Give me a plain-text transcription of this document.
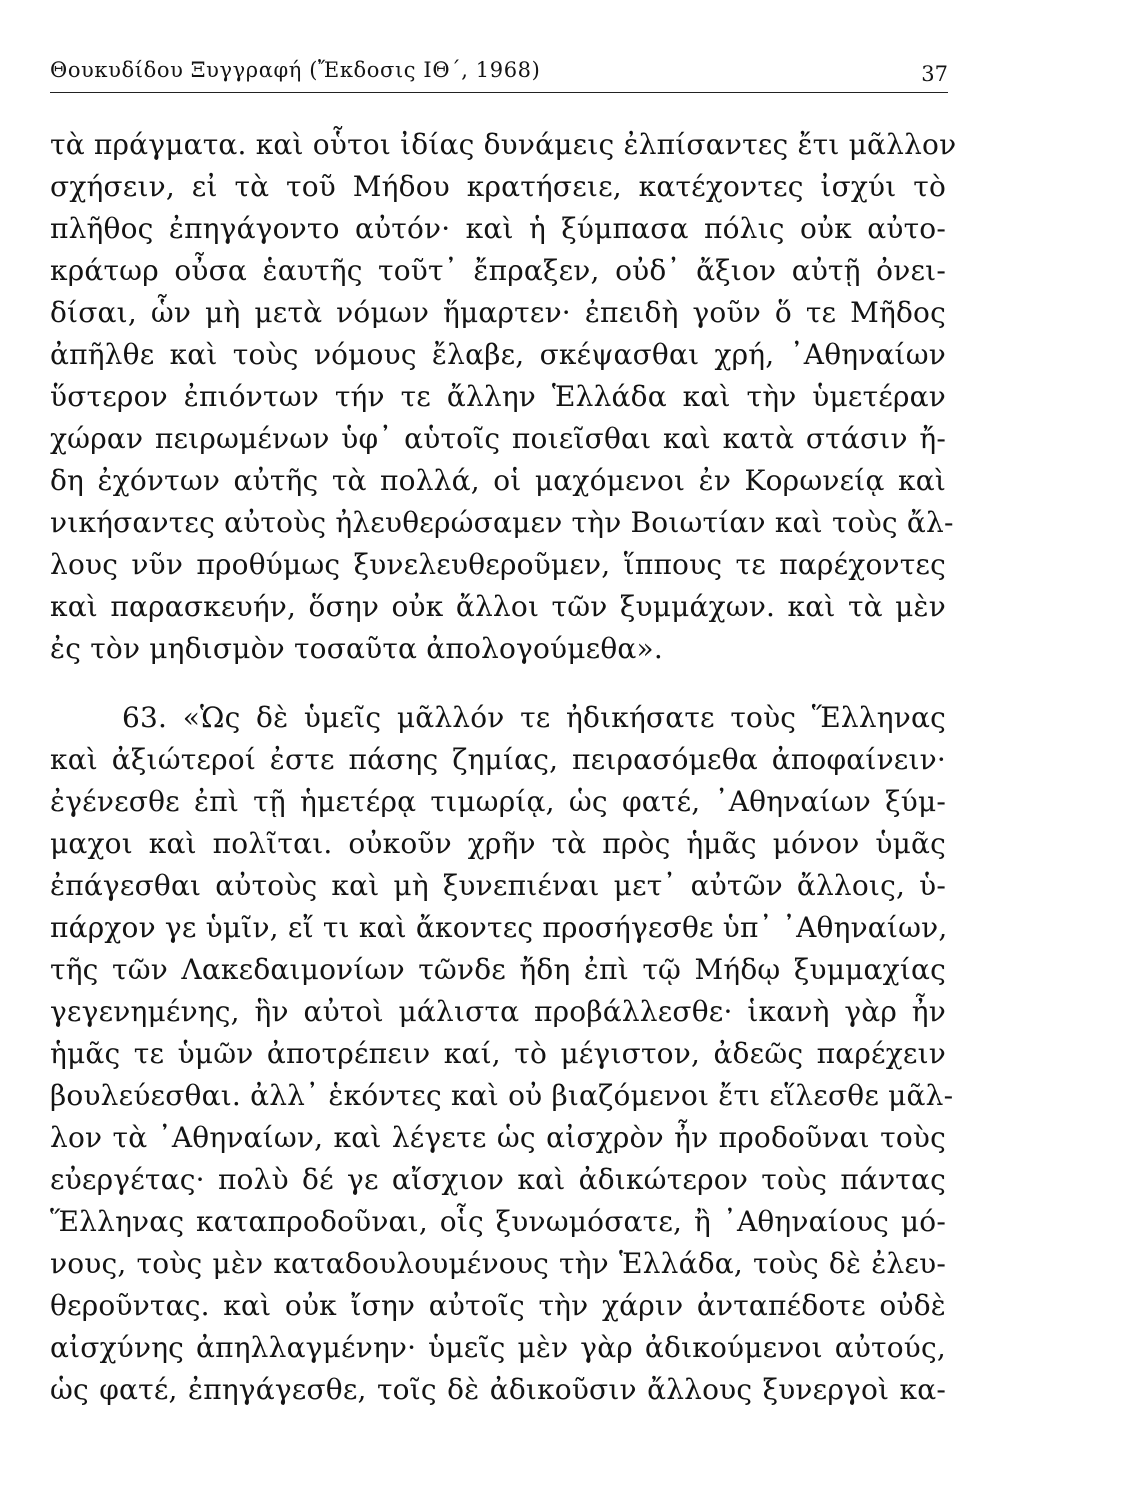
Θουκυδίδου Ξυγγραφή (Ἔκδοσις ΙΘ΄, 1968)	37
τὰ πράγματα. καὶ οὗτοι ἰδίας δυνάμεις ἐλπίσαντες ἔτι μᾶλλον
σχήσειν, εἰ τὰ τοῦ Μήδου κρατήσειε, κατέχοντες ἰσχύι τὸ
πλῆθος ἐπηγάγοντο αὐτόν· καὶ ἡ ξύμπασα πόλις οὐκ αὐτο-
κράτωρ οὖσα ἑαυτῆς τοῦτ᾽ ἔπραξεν, οὐδ᾽ ἄξιον αὐτῇ ὀνει-
δίσαι, ὧν μὴ μετὰ νόμων ἥμαρτεν· ἐπειδὴ γοῦν ὅ τε Μῆδος
ἀπῆλθε καὶ τοὺς νόμους ἔλαβε, σκέψασθαι χρή, ᾽Αθηναίων
ὕστερον ἐπιόντων τήν τε ἄλλην Ἑλλάδα καὶ τὴν ὑμετέραν
χώραν πειρωμένων ὑφ᾽ αὑτοῖς ποιεῖσθαι καὶ κατὰ στάσιν ἤ-
δη ἐχόντων αὐτῆς τὰ πολλά, οἱ μαχόμενοι ἐν Κορωνείᾳ καὶ
νικήσαντες αὐτοὺς ἠλευθερώσαμεν τὴν Βοιωτίαν καὶ τοὺς ἄλ-
λους νῦν προθύμως ξυνελευθεροῦμεν, ἵππους τε παρέχοντες
καὶ παρασκευήν, ὅσην οὐκ ἄλλοι τῶν ξυμμάχων. καὶ τὰ μὲν
ἐς τὸν μηδισμὸν τοσαῦτα ἀπολογούμεθα».
63. «Ὡς δὲ ὑμεῖς μᾶλλόν τε ἠδικήσατε τοὺς Ἕλληνας
καὶ ἀξιώτεροί ἐστε πάσης ζημίας, πειρασόμεθα ἀποφαίνειν·
ἐγένεσθε ἐπὶ τῇ ἡμετέρᾳ τιμωρίᾳ, ὡς φατέ, ᾽Αθηναίων ξύμ-
μαχοι καὶ πολῖται. οὐκοῦν χρῆν τὰ πρὸς ἡμᾶς μόνον ὑμᾶς
ἐπάγεσθαι αὐτοὺς καὶ μὴ ξυνεπιέναι μετ᾽ αὐτῶν ἄλλοις, ὑ-
πάρχον γε ὑμῖν, εἴ τι καὶ ἄκοντες προσήγεσθε ὑπ᾽ ᾽Αθηναίων,
τῆς τῶν Λακεδαιμονίων τῶνδε ἤδη ἐπὶ τῷ Μήδῳ ξυμμαχίας
γεγενημένης, ἣν αὐτοὶ μάλιστα προβάλλεσθε· ἱκανὴ γὰρ ἦν
ἡμᾶς τε ὑμῶν ἀποτρέπειν καί, τὸ μέγιστον, ἀδεῶς παρέχειν
βουλεύεσθαι. ἀλλ᾽ ἑκόντες καὶ οὐ βιαζόμενοι ἔτι εἵλεσθε μᾶλ-
λον τὰ ᾽Αθηναίων, καὶ λέγετε ὡς αἰσχρὸν ἦν προδοῦναι τοὺς
εὐεργέτας· πολὺ δέ γε αἴσχιον καὶ ἀδικώτερον τοὺς πάντας
Ἕλληνας καταπροδοῦναι, οἷς ξυνωμόσατε, ἢ ᾽Αθηναίους μό-
νους, τοὺς μὲν καταδουλουμένους τὴν Ἑλλάδα, τοὺς δὲ ἐλευ-
θεροῦντας. καὶ οὐκ ἴσην αὐτοῖς τὴν χάριν ἀνταπέδοτε οὐδὲ
αἰσχύνης ἀπηλλαγμένην· ὑμεῖς μὲν γὰρ ἀδικούμενοι αὐτούς,
ὡς φατέ, ἐπηγάγεσθε, τοῖς δὲ ἀδικοῦσιν ἄλλους ξυνεργοὶ κα-
